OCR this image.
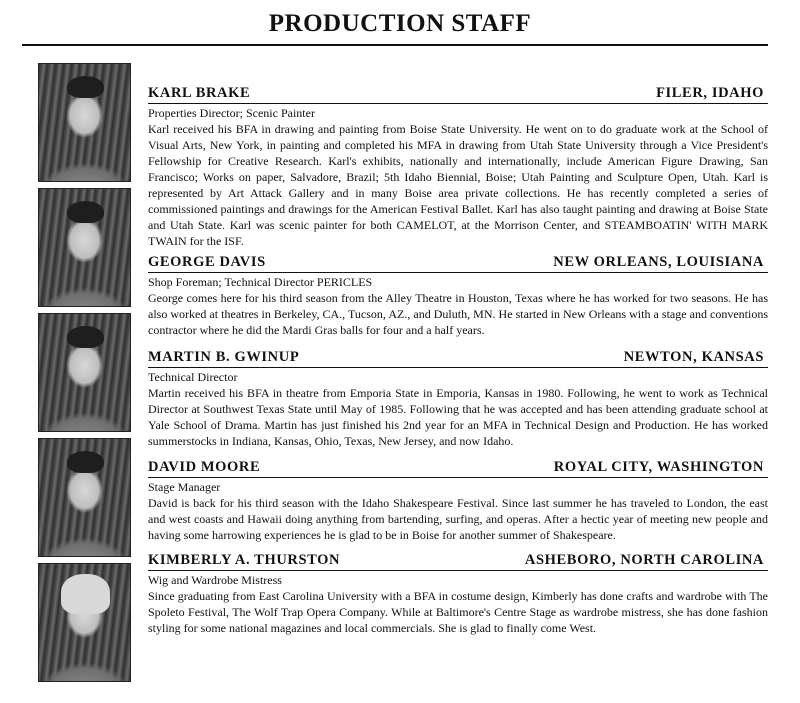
PRODUCTION STAFF
KARL BRAKE	FILER, IDAHO
Properties Director; Scenic Painter
Karl received his BFA in drawing and painting from Boise State University. He went on to do graduate work at the School of Visual Arts, New York, in painting and completed his MFA in drawing from Utah State University through a Vice President's Fellowship for Creative Research. Karl's exhibits, nationally and internationally, include American Figure Drawing, San Francisco; Works on paper, Salvadore, Brazil; 5th Idaho Biennial, Boise; Utah Painting and Sculpture Open, Utah. Karl is represented by Art Attack Gallery and in many Boise area private collections. He has recently completed a series of commissioned paintings and drawings for the American Festival Ballet. Karl has also taught painting and drawing at Boise State and Utah State. Karl was scenic painter for both CAMELOT, at the Morrison Center, and STEAMBOATIN' WITH MARK TWAIN for the ISF.
GEORGE DAVIS	NEW ORLEANS, LOUISIANA
Shop Foreman; Technical Director PERICLES
George comes here for his third season from the Alley Theatre in Houston, Texas where he has worked for two seasons. He has also worked at theatres in Berkeley, CA., Tucson, AZ., and Duluth, MN. He started in New Orleans with a stage and conventions contractor where he did the Mardi Gras balls for four and a half years.
MARTIN B. GWINUP	NEWTON, KANSAS
Technical Director
Martin received his BFA in theatre from Emporia State in Emporia, Kansas in 1980. Following, he went to work as Technical Director at Southwest Texas State until May of 1985. Following that he was accepted and has been attending graduate school at Yale School of Drama. Martin has just finished his 2nd year for an MFA in Technical Design and Production. He has worked summerstocks in Indiana, Kansas, Ohio, Texas, New Jersey, and now Idaho.
DAVID MOORE	ROYAL CITY, WASHINGTON
Stage Manager
David is back for his third season with the Idaho Shakespeare Festival. Since last summer he has traveled to London, the east and west coasts and Hawaii doing anything from bartending, surfing, and operas. After a hectic year of meeting new people and having some harrowing experiences he is glad to be in Boise for another summer of Shakespeare.
KIMBERLY A. THURSTON	ASHEBORO, NORTH CAROLINA
Wig and Wardrobe Mistress
Since graduating from East Carolina University with a BFA in costume design, Kimberly has done crafts and wardrobe with The Spoleto Festival, The Wolf Trap Opera Company. While at Baltimore's Centre Stage as wardrobe mistress, she has done fashion styling for some national magazines and local commercials. She is glad to finally come West.
